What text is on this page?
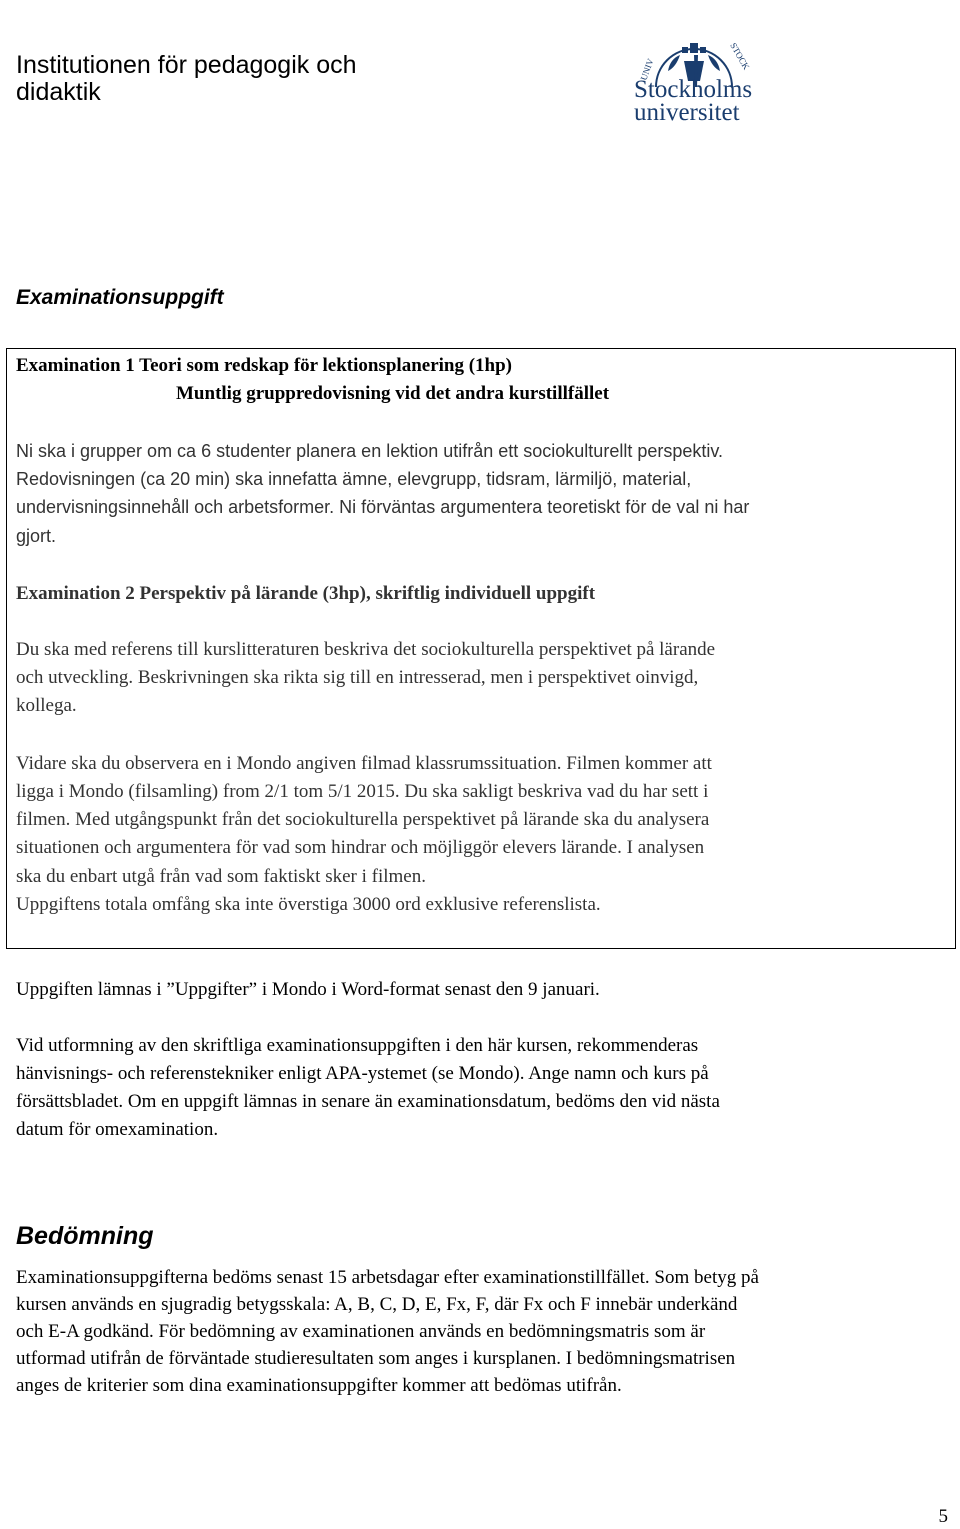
Institutionen för pedagogik och didaktik
UNIV	STOCK
Stockholms
universitet
Examinationsuppgift
Examination 1 Teori som redskap för lektionsplanering (1hp)
Muntlig gruppredovisning vid det andra kurstillfället
Ni ska i grupper om ca 6 studenter planera en lektion utifrån ett sociokulturellt perspektiv.
Redovisningen (ca 20 min) ska innefatta ämne, elevgrupp, tidsram, lärmiljö, material,
undervisningsinnehåll och arbetsformer. Ni förväntas argumentera teoretiskt för de val ni har
gjort.
Examination 2 Perspektiv på lärande (3hp), skriftlig individuell uppgift
Du ska med referens till kurslitteraturen beskriva det sociokulturella perspektivet på lärande
och utveckling. Beskrivningen ska rikta sig till en intresserad, men i perspektivet oinvigd,
kollega.
Vidare ska du observera en i Mondo angiven filmad klassrumssituation. Filmen kommer att
ligga i Mondo (filsamling) from 2/1 tom 5/1 2015. Du ska sakligt beskriva vad du har sett i
filmen. Med utgångspunkt från det sociokulturella perspektivet på lärande ska du analysera
situationen och argumentera för vad som hindrar och möjliggör elevers lärande. I analysen
ska du enbart utgå från vad som faktiskt sker i filmen.
Uppgiftens totala omfång ska inte överstiga 3000 ord exklusive referenslista.
Uppgiften lämnas i ”Uppgifter” i Mondo i Word-format senast den 9 januari.
Vid utformning av den skriftliga examinationsuppgiften i den här kursen, rekommenderas
hänvisnings- och referenstekniker enligt APA-ystemet (se Mondo). Ange namn och kurs på
försättsbladet. Om en uppgift lämnas in senare än examinationsdatum, bedöms den vid nästa
datum för omexamination.
Bedömning
Examinationsuppgifterna bedöms senast 15 arbetsdagar efter examinationstillfället. Som betyg på
kursen används en sjugradig betygsskala: A, B, C, D, E, Fx, F, där Fx och F innebär underkänd
och E-A godkänd. För bedömning av examinationen används en bedömningsmatris som är
utformad utifrån de förväntade studieresultaten som anges i kursplanen. I bedömningsmatrisen
anges de kriterier som dina examinationsuppgifter kommer att bedömas utifrån.
5
